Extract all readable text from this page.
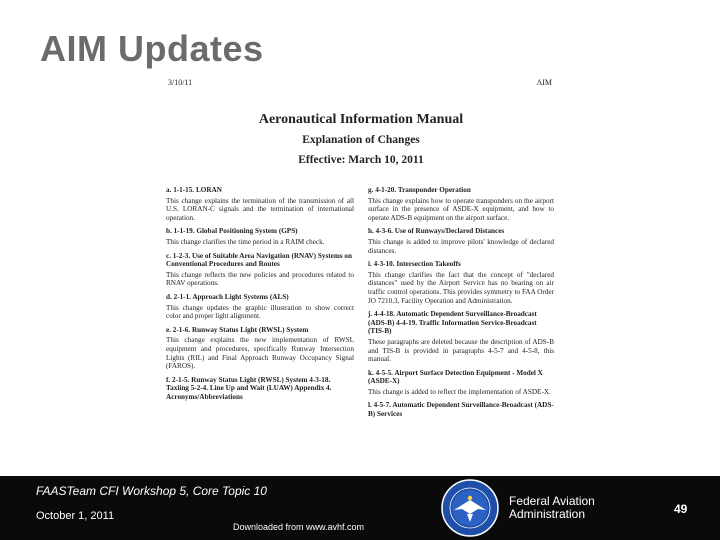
AIM Updates
3/10/11	AIM
Aeronautical Information Manual
Explanation of Changes
Effective: March 10, 2011
a. 1-1-15. LORAN
This change explains the termination of the transmission of all U.S. LORAN-C signals and the termination of international operation.
b. 1-1-19. Global Positioning System (GPS)
This change clarifies the time period in a RAIM check.
c. 1-2-3. Use of Suitable Area Navigation (RNAV) Systems on Conventional Procedures and Routes
This change reflects the new policies and procedures related to RNAV operations.
d. 2-1-1. Approach Light Systems (ALS)
This change updates the graphic illustration to show correct color and proper light alignment.
e. 2-1-6. Runway Status Light (RWSL) System
This change explains the new implementation of RWSL equipment and procedures, specifically Runway Intersection Lights (RIL) and Final Approach Runway Occupancy Signal (FAROS).
f. 2-1-5. Runway Status Light (RWSL) System 4-3-18. Taxiing 5-2-4. Line Up and Wait (LUAW) Appendix 4. Acronyms/Abbreviations
g. 4-1-20. Transponder Operation
This change explains how to operate transponders on the airport surface in the presence of ASDE-X equipment, and how to operate ADS-B equipment on the airport surface.
h. 4-3-6. Use of Runways/Declared Distances
This change is added to improve pilots' knowledge of declared distances.
i. 4-3-10. Intersection Takeoffs
This change clarifies the fact that the concept of "declared distances" used by the Airport Service has no bearing on air traffic control operations. This provides symmetry to FAA Order JO 7210.3, Facility Operation and Administration.
j. 4-4-18. Automatic Dependent Surveillance-Broadcast (ADS-B) 4-4-19. Traffic Information Service-Broadcast (TIS-B)
These paragraphs are deleted because the description of ADS-B and TIS-B is provided in paragraphs 4-5-7 and 4-5-8, this manual.
k. 4-5-5. Airport Surface Detection Equipment - Model X (ASDE-X)
This change is added to reflect the implementation of ASDE-X.
l. 4-5-7. Automatic Dependent Surveillance-Broadcast (ADS-B) Services
FAASTeam CFI Workshop 5, Core Topic 10
October 1, 2011
Downloaded from www.avhf.com
Federal Aviation
Administration	49
